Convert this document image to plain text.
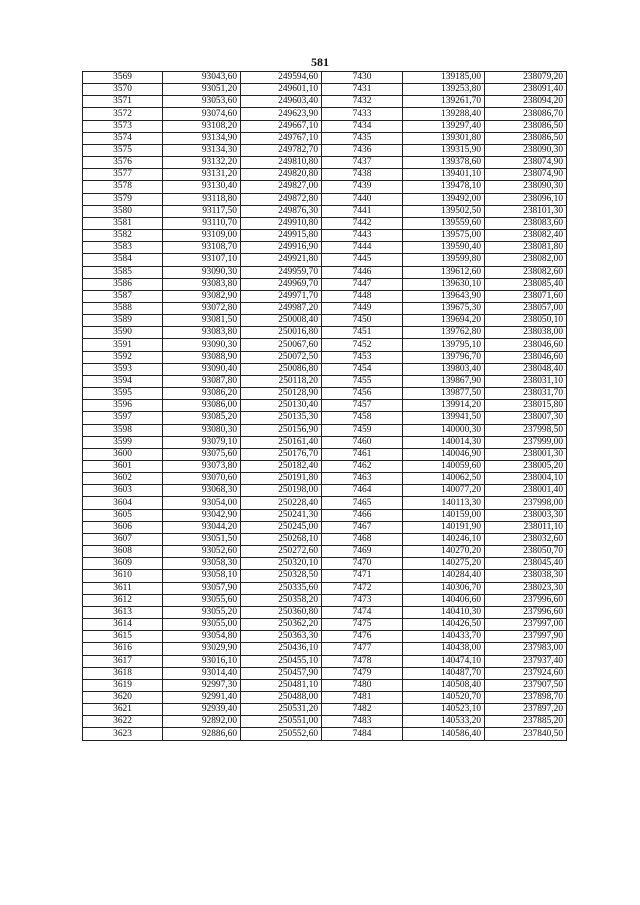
581
3569	93043,60	249594,60	7430	139185,00	238079,20
3570	93051,20	249601,10	7431	139253,80	238091,40
3571	93053,60	249603,40	7432	139261,70	238094,20
3572	93074,60	249623,90	7433	139288,40	238086,70
3573	93108,20	249667,10	7434	139297,40	238086,50
3574	93134,90	249767,10	7435	139301,80	238086,50
3575	93134,30	249782,70	7436	139315,90	238090,30
3576	93132,20	249810,80	7437	139378,60	238074,90
3577	93131,20	249820,80	7438	139401,10	238074,90
3578	93130,40	249827,00	7439	139478,10	238090,30
3579	93118,80	249872,80	7440	139492,00	238096,10
3580	93117,50	249876,30	7441	139502,50	238101,30
3581	93110,70	249910,80	7442	139559,60	238083,60
3582	93109,00	249915,80	7443	139575,00	238082,40
3583	93108,70	249916,90	7444	139590,40	238081,80
3584	93107,10	249921,80	7445	139599,80	238082,00
3585	93090,30	249959,70	7446	139612,60	238082,60
3586	93083,80	249969,70	7447	139630,10	238085,40
3587	93082,90	249971,70	7448	139643,90	238071,60
3588	93072,80	249987,20	7449	139675,30	238057,00
3589	93081,50	250008,40	7450	139694,20	238050,10
3590	93083,80	250016,80	7451	139762,80	238038,00
3591	93090,30	250067,60	7452	139795,10	238046,60
3592	93088,90	250072,50	7453	139796,70	238046,60
3593	93090,40	250086,80	7454	139803,40	238048,40
3594	93087,80	250118,20	7455	139867,90	238031,10
3595	93086,20	250128,90	7456	139877,50	238031,70
3596	93086,00	250130,40	7457	139914,20	238015,80
3597	93085,20	250135,30	7458	139941,50	238007,30
3598	93080,30	250156,90	7459	140000,30	237998,50
3599	93079,10	250161,40	7460	140014,30	237999,00
3600	93075,60	250176,70	7461	140046,90	238001,30
3601	93073,80	250182,40	7462	140059,60	238005,20
3602	93070,60	250191,80	7463	140062,50	238004,10
3603	93068,30	250198,00	7464	140077,20	238001,40
3604	93054,00	250228,40	7465	140113,30	237998,00
3605	93042,90	250241,30	7466	140159,00	238003,30
3606	93044,20	250245,00	7467	140191,90	238011,10
3607	93051,50	250268,10	7468	140246,10	238032,60
3608	93052,60	250272,60	7469	140270,20	238050,70
3609	93058,30	250320,10	7470	140275,20	238045,40
3610	93058,10	250328,50	7471	140284,40	238038,30
3611	93057,90	250335,60	7472	140306,70	238023,30
3612	93055,60	250358,20	7473	140406,60	237996,60
3613	93055,20	250360,80	7474	140410,30	237996,60
3614	93055,00	250362,20	7475	140426,50	237997,00
3615	93054,80	250363,30	7476	140433,70	237997,90
3616	93029,90	250436,10	7477	140438,00	237983,00
3617	93016,10	250455,10	7478	140474,10	237937,40
3618	93014,40	250457,90	7479	140487,70	237924,60
3619	92997,30	250481,10	7480	140508,40	237907,50
3620	92991,40	250488,00	7481	140520,70	237898,70
3621	92939,40	250531,20	7482	140523,10	237897,20
3622	92892,00	250551,00	7483	140533,20	237885,20
3623	92886,60	250552,60	7484	140586,40	237840,50
